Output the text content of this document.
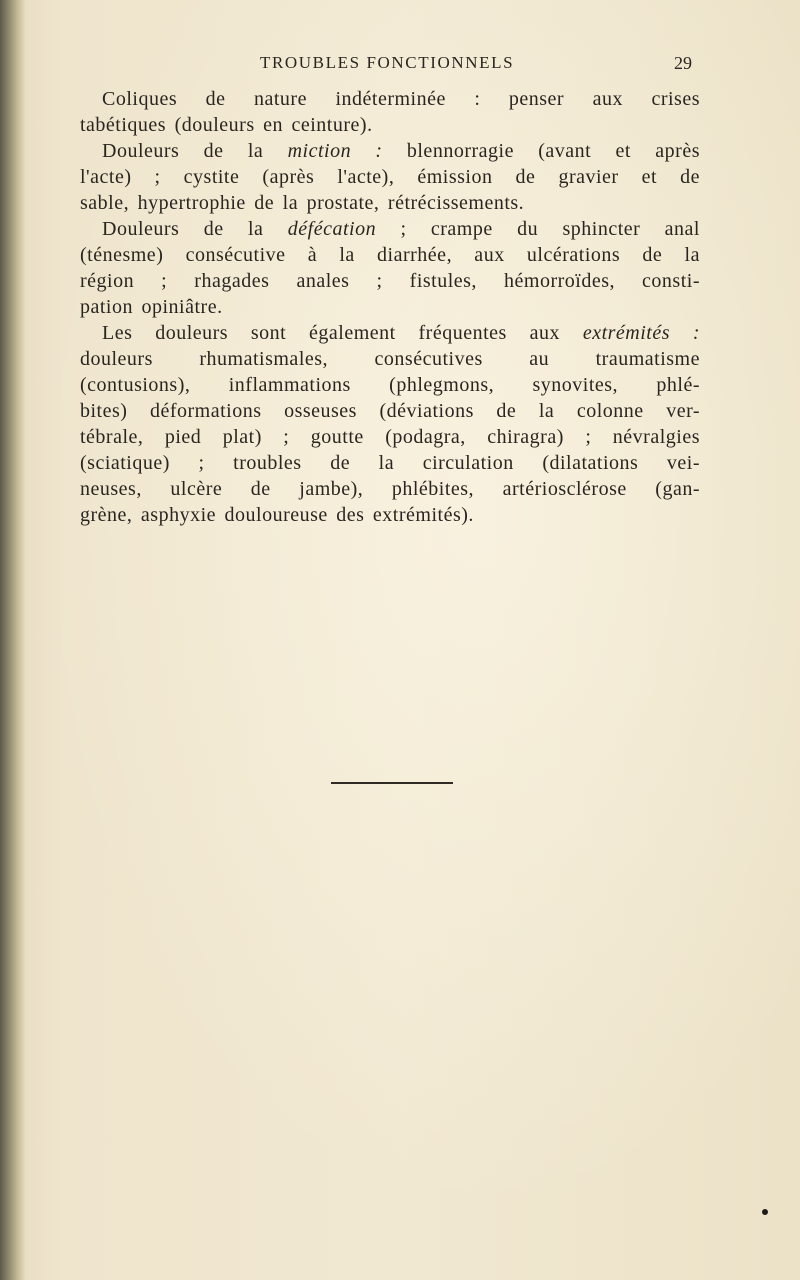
TROUBLES FONCTIONNELS	29
Coliques de nature indéterminée : penser aux crises
tabétiques (douleurs en ceinture).
Douleurs de la miction : blennorragie (avant et après
l'acte) ; cystite (après l'acte), émission de gravier et de
sable, hypertrophie de la prostate, rétrécissements.
Douleurs de la défécation ; crampe du sphincter anal
(ténesme) consécutive à la diarrhée, aux ulcérations de la
région ; rhagades anales ; fistules, hémorroïdes, consti-
pation opiniâtre.
Les douleurs sont également fréquentes aux extrémités :
douleurs rhumatismales, consécutives au traumatisme
(contusions), inflammations (phlegmons, synovites, phlé-
bites) déformations osseuses (déviations de la colonne ver-
tébrale, pied plat) ; goutte (podagra, chiragra) ; névralgies
(sciatique) ; troubles de la circulation (dilatations vei-
neuses, ulcère de jambe), phlébites, artériosclérose (gan-
grène, asphyxie douloureuse des extrémités).
